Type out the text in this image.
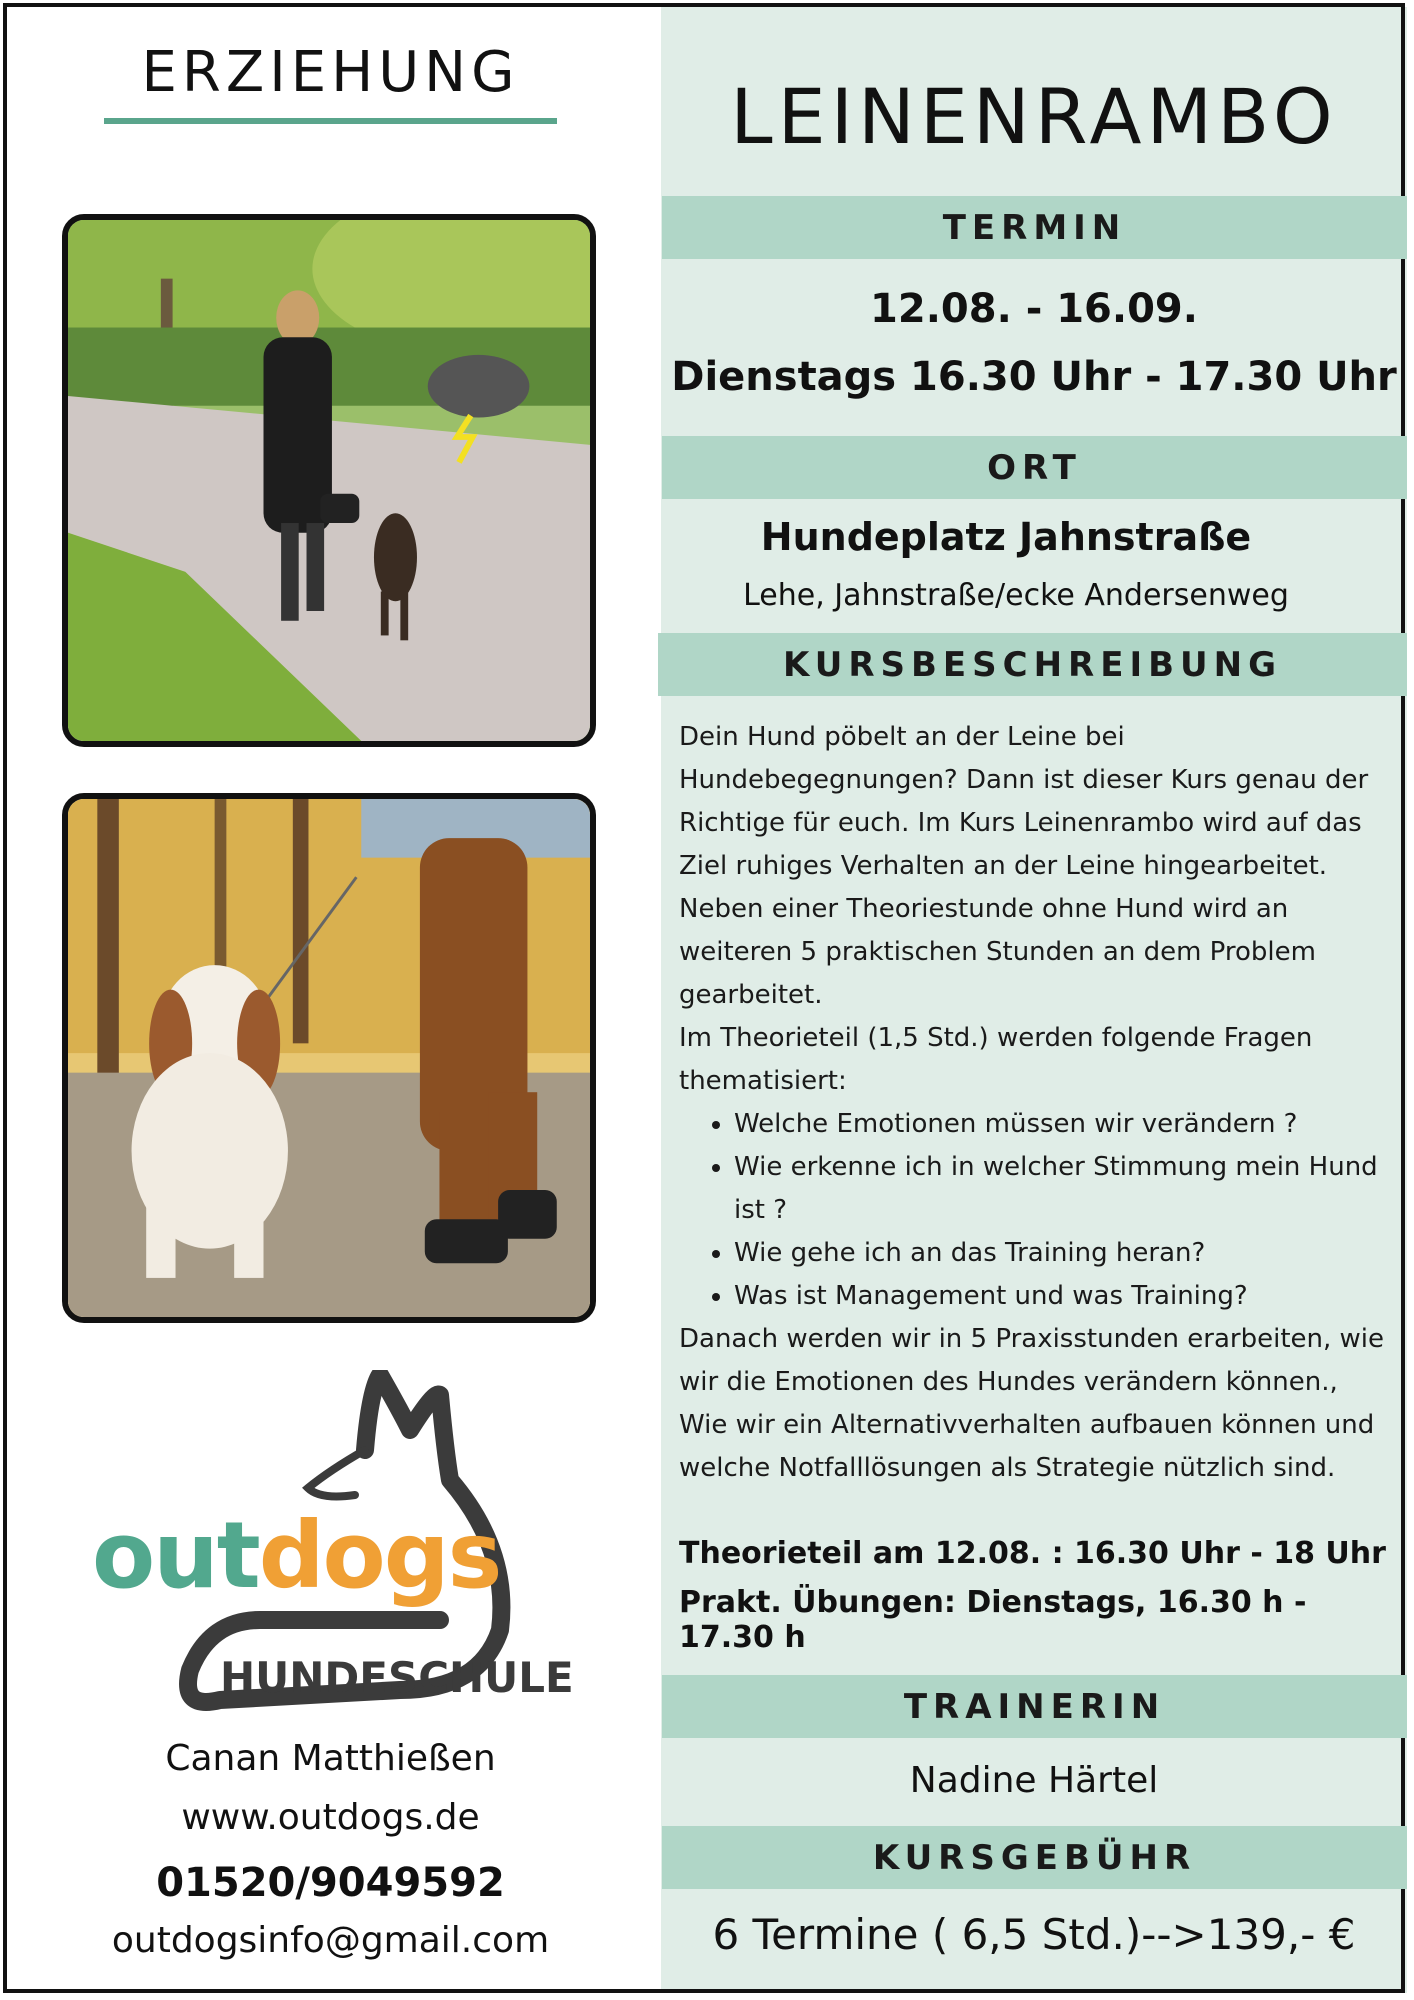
ERZIEHUNG
outdogs
HUNDESCHULE
Canan Matthießen
www.outdogs.de
01520/9049592
outdogsinfo@gmail.com
LEINENRAMBO
TERMIN
12.08. - 16.09.
Dienstags 16.30 Uhr - 17.30 Uhr
ORT
Hundeplatz Jahnstraße
Lehe, Jahnstraße/ecke Andersenweg
KURSBESCHREIBUNG

Dein Hund pöbelt an der Leine bei Hundebegegnungen? Dann ist dieser Kurs genau der Richtige für euch. Im Kurs Leinenrambo wird auf das Ziel ruhiges Verhalten an der Leine hingearbeitet. Neben einer Theoriestunde ohne Hund wird an weiteren 5 praktischen Stunden an dem Problem gearbeitet.

Im Theorieteil (1,5 Std.) werden folgende Fragen thematisiert:

• Welche Emotionen müssen wir verändern ?
• Wie erkenne ich in welcher Stimmung mein Hund ist ?
• Wie gehe ich an das Training heran?
• Was ist Management und was Training?

Danach werden wir in 5 Praxisstunden erarbeiten, wie wir die Emotionen des Hundes verändern können., Wie wir ein Alternativverhalten aufbauen können und welche Notfalllösungen als Strategie nützlich sind.

Theorieteil am 12.08. : 16.30 Uhr - 18 Uhr
Prakt. Übungen: Dienstags, 16.30 h - 17.30 h
TRAINERIN
Nadine Härtel
KURSGEBÜHR
6 Termine ( 6,5 Std.)-->139,- €
